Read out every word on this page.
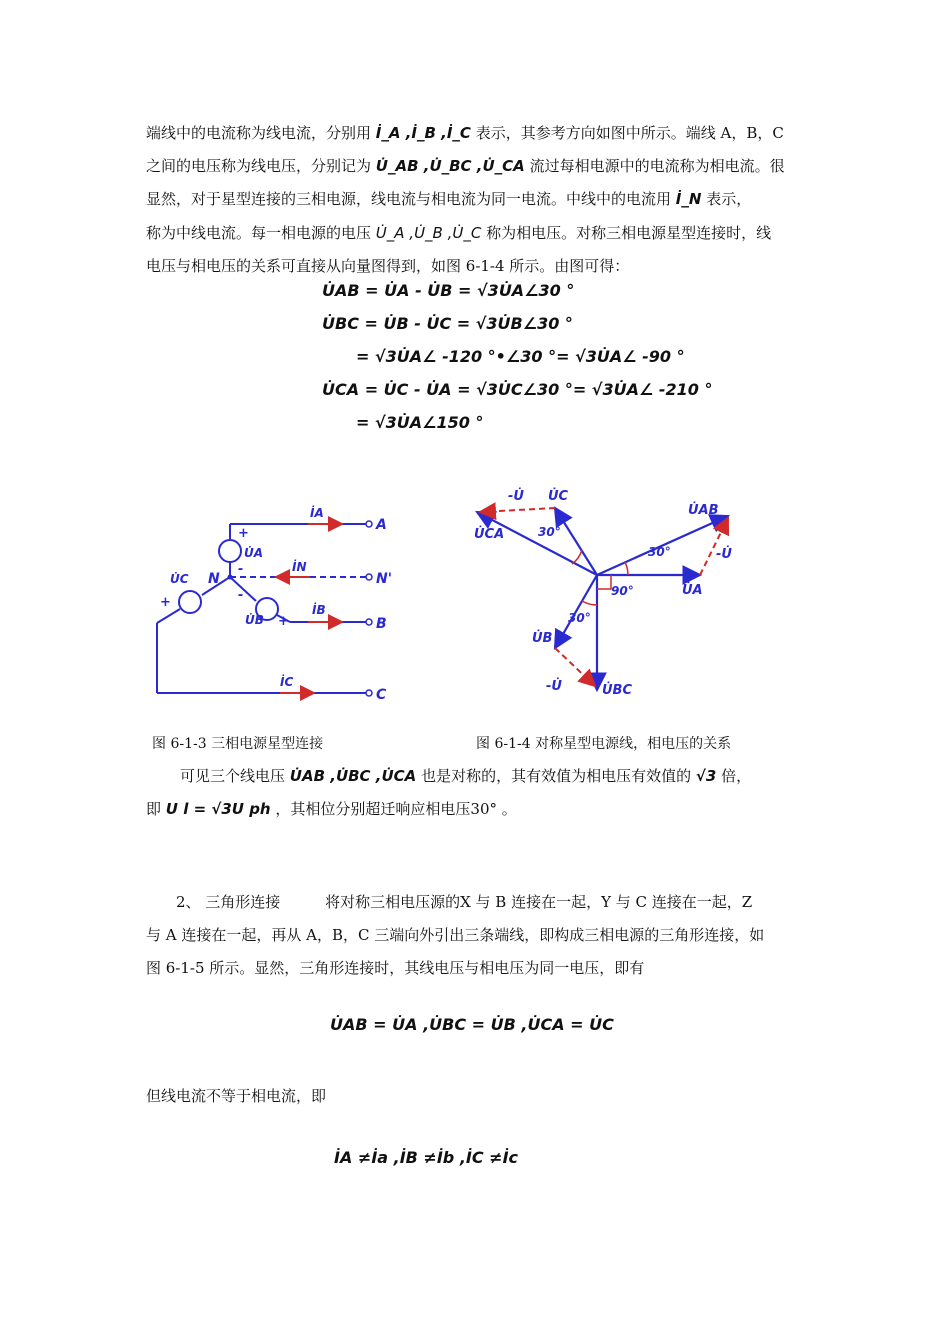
端线中的电流称为线电流，分别用 İ_A ,İ_B ,İ_C 表示，其参考方向如图中所示。端线 A，B，C
之间的电压称为线电压，分别记为 U̇_AB ,U̇_BC ,U̇_CA 流过每相电源中的电流称为相电流。很
显然，对于星型连接的三相电源，线电流与相电流为同一电流。中线中的电流用 İ_N 表示，
称为中线电流。每一相电源的电压 U̇_A ,U̇_B ,U̇_C 称为相电压。对称三相电源星型连接时，线
电压与相电压的关系可直接从向量图得到，如图 6-1-4 所示。由图可得：
U̇AB = U̇A - U̇B = √3U̇A∠30 °
U̇BC = U̇B - U̇C = √3U̇B∠30 °
= √3U̇A∠ -120 °•∠30 °= √3U̇A∠ -90 °
U̇CA = U̇C - U̇A = √3U̇C∠30 °= √3U̇A∠ -210 °
= √3U̇A∠150 °
A
N'
B
C
N
İA
İN
İB
İC
U̇A
U̇C
U̇B
+
-
+	-
+
-U̇ U̇C
U̇CA
U̇AB
-U̇
U̇A
U̇B
-U̇	U̇BC
30°
30°
30°
90°
图 6-1-3 三相电源星型连接	图 6-1-4 对称星型电源线，相电压的关系
可见三个线电压 U̇AB ,U̇BC ,U̇CA 也是对称的，其有效值为相电压有效值的 √3 倍，
即 U l = √3U ph ，其相位分别超迁响应相电压30° 。
2、 三角形连接	将对称三相电压源的X 与 B 连接在一起，Y 与 C 连接在一起，Z
与 A 连接在一起，再从 A，B，C 三端向外引出三条端线，即构成三相电源的三角形连接，如
图 6-1-5 所示。显然，三角形连接时，其线电压与相电压为同一电压，即有
U̇AB = U̇A ,U̇BC = U̇B ,U̇CA = U̇C
但线电流不等于相电流，即
İA ≠İa ,İB ≠İb ,İC ≠İc
